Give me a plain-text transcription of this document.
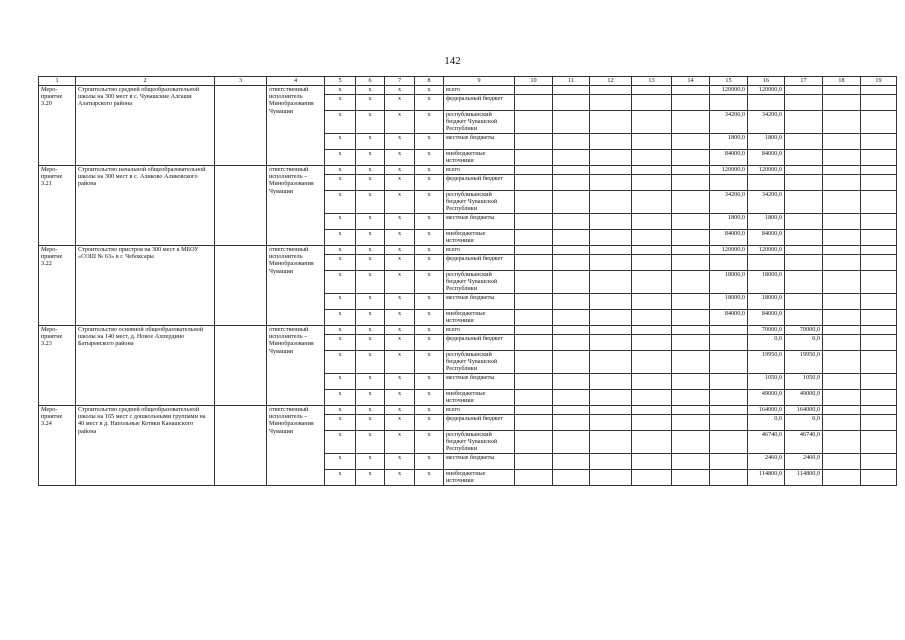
142
1	2	3	4	5	6	7	8	9	10	11	12	13	14	15	16	17	18	19
Меро-приятие 3.20	Строительство средней общеобразовательной школы на 300 мест в с. Чувашские Алгаши Алатырского района		ответственный исполнитель Минобразования Чувашии	x	x	x	x	всего						120000,0	120000,0			
				x	x	x	x	федеральный бюджет										
				x	x	x	x	республиканский бюджет Чувашской Республики						34200,0	34200,0			
				x	x	x	x	местные бюджеты						1800,0	1800,0			
				x	x	x	x	внебюджетные источники						84000,0	84000,0			
Меро-приятие 3.21	Строительство начальной общеобразовательной школы на 300 мест в с. Аликово Аликовского района		ответственный исполнитель – Минобразования Чувашии	x	x	x	x	всего						120000,0	120000,0			
				x	x	x	x	федеральный бюджет										
				x	x	x	x	республиканский бюджет Чувашской Республики						34200,0	34200,0			
				x	x	x	x	местные бюджеты						1800,0	1800,0			
				x	x	x	x	внебюджетные источники						84000,0	84000,0			
Меро-приятие 3.22	Строительство пристроя на 300 мест к МБОУ «СОШ № 63» в г. Чебоксары		ответственный исполнитель Минобразования Чувашии	x	x	x	x	всего						120000,0	120000,0			
				x	x	x	x	федеральный бюджет										
				x	x	x	x	республиканский бюджет Чувашской Республики						18000,0	18000,0			
				x	x	x	x	местные бюджеты						18000,0	18000,0			
				x	x	x	x	внебюджетные источники						84000,0	84000,0			
Меро-приятие 3.23	Строительство основной общеобразовательной школы на 140 мест, д. Новое Ахпердино Батыревского района		ответственный исполнитель – Минобразования Чувашии	x	x	x	x	всего							70000,0	70000,0		
				x	x	x	x	федеральный бюджет							0,0	0,0		
				x	x	x	x	республиканский бюджет Чувашской Республики							19950,0	19950,0		
				x	x	x	x	местные бюджеты							1050,0	1050,0		
				x	x	x	x	внебюджетные источники							49000,0	49000,0		
Меро-приятие 3.24	Строительство средней общеобразовательной школы на 165 мест с дошкольными группами на 40 мест в д. Напольные Котяки Канашского района		ответственный исполнитель – Минобразования Чувашии	x	x	x	x	всего							164000,0	164000,0		
				x	x	x	x	федеральный бюджет							0,0	0,0		
				x	x	x	x	республиканский бюджет Чувашской Республики							46740,0	46740,0		
				x	x	x	x	местные бюджеты							2460,0	2460,0		
				x	x	x	x	внебюджетные источники							114800,0	114800,0		
